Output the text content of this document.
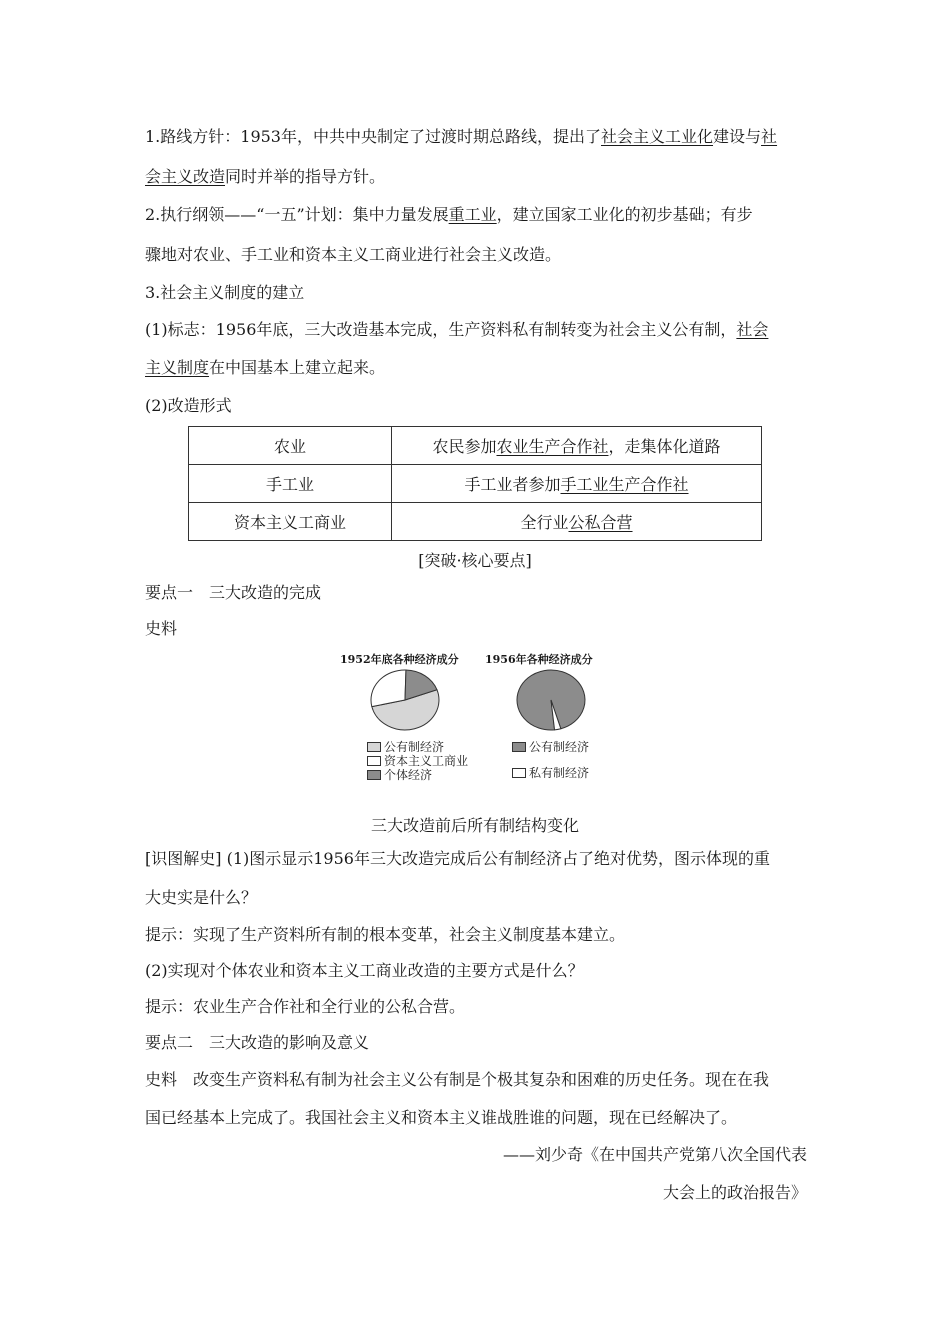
1.路线方针：1953年，中共中央制定了过渡时期总路线，提出了社会主义工业化建设与社
会主义改造同时并举的指导方针。
2.执行纲领——“一五”计划：集中力量发展重工业，建立国家工业化的初步基础；有步
骤地对农业、手工业和资本主义工商业进行社会主义改造。
3.社会主义制度的建立
(1)标志：1956年底，三大改造基本完成，生产资料私有制转变为社会主义公有制，社会
主义制度在中国基本上建立起来。
(2)改造形式
农业	农民参加农业生产合作社，走集体化道路
手工业	手工业者参加手工业生产合作社
资本主义工商业	全行业公私合营
[突破·核心要点]
要点一　三大改造的完成
史料
1952年底各种经济成分 1956年各种经济成分
公有制经济
资本主义工商业
个体经济
公有制经济
私有制经济
三大改造前后所有制结构变化
[识图解史] (1)图示显示1956年三大改造完成后公有制经济占了绝对优势，图示体现的重
大史实是什么？
提示：实现了生产资料所有制的根本变革，社会主义制度基本建立。
(2)实现对个体农业和资本主义工商业改造的主要方式是什么？
提示：农业生产合作社和全行业的公私合营。
要点二　三大改造的影响及意义
史料　改变生产资料私有制为社会主义公有制是个极其复杂和困难的历史任务。现在在我
国已经基本上完成了。我国社会主义和资本主义谁战胜谁的问题，现在已经解决了。
——刘少奇《在中国共产党第八次全国代表
大会上的政治报告》
